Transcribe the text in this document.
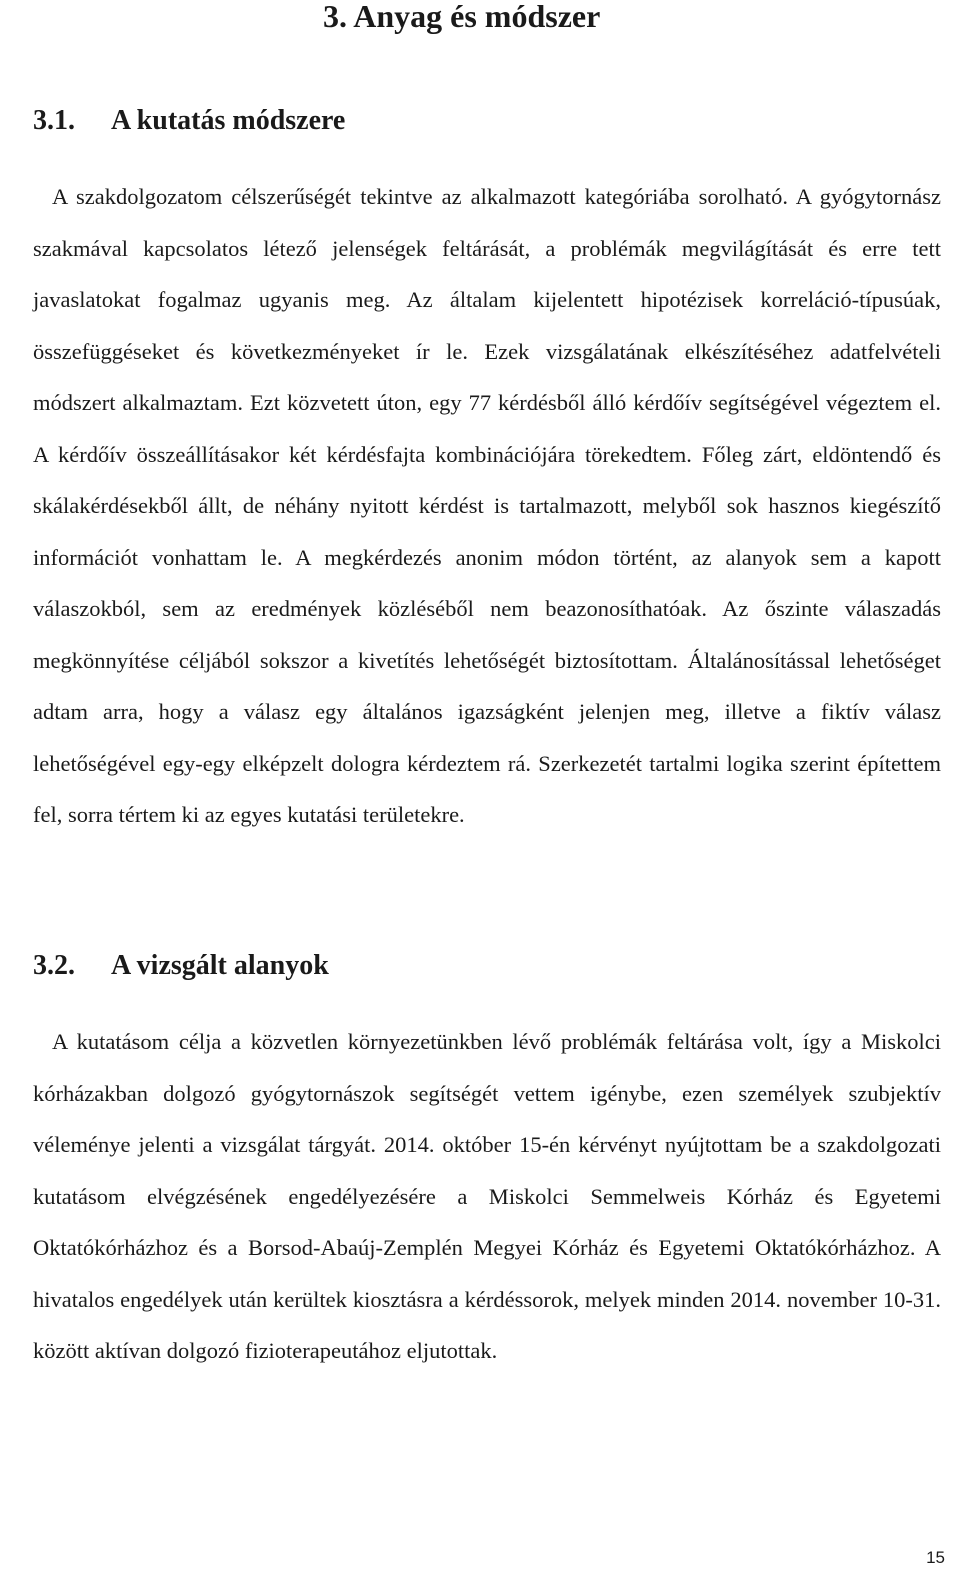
3. Anyag és módszer
3.1. A kutatás módszere

A szakdolgozatom célszerűségét tekintve az alkalmazott kategóriába sorolható. A gyógytornász szakmával kapcsolatos létező jelenségek feltárását, a problémák megvilágítását és erre tett javaslatokat fogalmaz ugyanis meg. Az általam kijelentett hipotézisek korreláció-típusúak, összefüggéseket és következményeket ír le. Ezek vizsgálatának elkészítéséhez adatfelvételi módszert alkalmaztam. Ezt közvetett úton, egy 77 kérdésből álló kérdőív segítségével végeztem el. A kérdőív összeállításakor két kérdésfajta kombinációjára törekedtem. Főleg zárt, eldöntendő és skálakérdésekből állt, de néhány nyitott kérdést is tartalmazott, melyből sok hasznos kiegészítő információt vonhattam le. A megkérdezés anonim módon történt, az alanyok sem a kapott válaszokból, sem az eredmények közléséből nem beazonosíthatóak. Az őszinte válaszadás megkönnyítése céljából sokszor a kivetítés lehetőségét biztosítottam. Általánosítással lehetőséget adtam arra, hogy a válasz egy általános igazságként jelenjen meg, illetve a fiktív válasz lehetőségével egy-egy elképzelt dologra kérdeztem rá. Szerkezetét tartalmi logika szerint építettem fel, sorra tértem ki az egyes kutatási területekre.

3.2. A vizsgált alanyok

A kutatásom célja a közvetlen környezetünkben lévő problémák feltárása volt, így a Miskolci kórházakban dolgozó gyógytornászok segítségét vettem igénybe, ezen személyek szubjektív véleménye jelenti a vizsgálat tárgyát. 2014. október 15-én kérvényt nyújtottam be a szakdolgozati kutatásom elvégzésének engedélyezésére a Miskolci Semmelweis Kórház és Egyetemi Oktatókórházhoz és a Borsod-Abaúj-Zemplén Megyei Kórház és Egyetemi Oktatókórházhoz. A hivatalos engedélyek után kerültek kiosztásra a kérdéssorok, melyek minden 2014. november 10-31. között aktívan dolgozó fizioterapeutához eljutottak.

15
